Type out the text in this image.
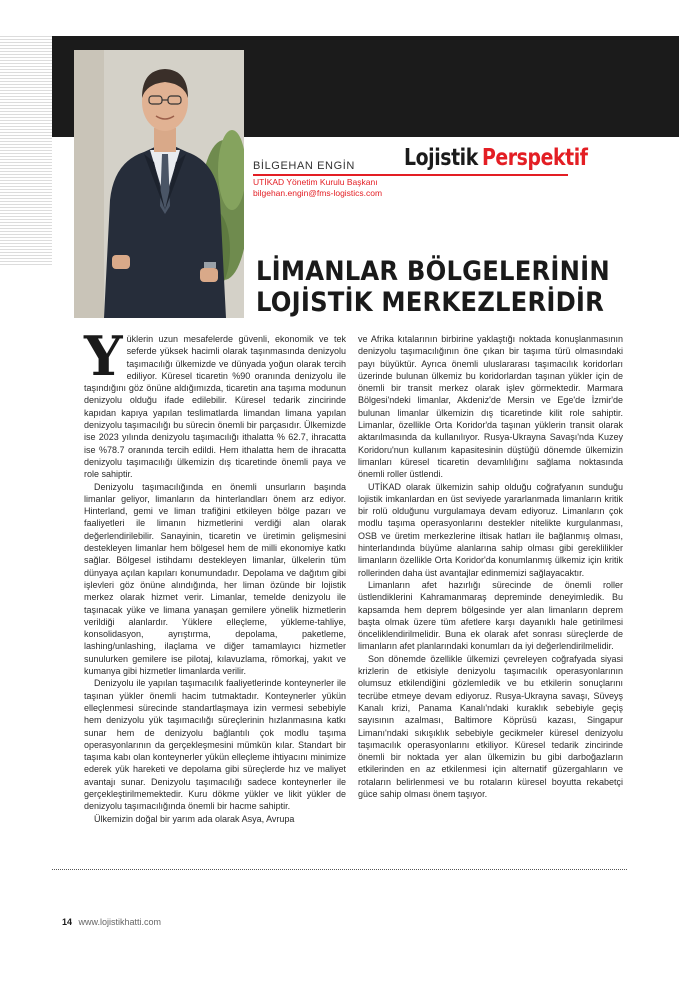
Lojistik Perspektif
BİLGEHAN ENGİN
UTİKAD Yönetim Kurulu Başkanı
bilgehan.engin@fms-logistics.com
LİMANLAR BÖLGELERİNİN
LOJİSTİK MERKEZLERİDİR

Yüklerin uzun mesafelerde güvenli, ekonomik ve tek seferde yüksek hacimli olarak taşınmasında denizyolu taşımacılığı ülkemizde ve dünyada yoğun olarak tercih ediliyor. Küresel ticaretin %90 oranında denizyolu ile taşındığını göz önüne aldığımızda, ticaretin ana taşıma modunun denizyolu olduğu ifade edilebilir. Küresel tedarik zincirinde kapıdan kapıya yapılan teslimatlarda limandan limana yapılan denizyolu taşımacılığı bu sürecin önemli bir parçasıdır. Ülkemizde ise 2023 yılında denizyolu taşımacılığı ithalatta % 62.7, ihracatta ise %78.7 oranında tercih edildi. Hem ithalatta hem de ihracatta denizyolu taşımacılığı ülkemizin dış ticaretinde önemli paya ve role sahiptir.

Denizyolu taşımacılığında en önemli unsurların başında limanlar geliyor, limanların da hinterlandları önem arz ediyor. Hinterland, gemi ve liman trafiğini etkileyen bölge pazarı ve faaliyetleri ile limanın hizmetlerini verdiği alan olarak değerlendirilebilir. Sanayinin, ticaretin ve üretimin gelişmesini destekleyen limanlar hem bölgesel hem de milli ekonomiye katkı sağlar. Bölgesel istihdamı destekleyen limanlar, ülkelerin tüm dünyaya açılan kapıları konumundadır. Depolama ve dağıtım gibi işlevleri göz önüne alındığında, her liman özünde bir lojistik merkez olarak hizmet verir. Limanlar, temelde denizyolu ile taşınacak yüke ve limana yanaşan gemilere yönelik hizmetlerin verildiği alanlardır. Yüklere elleçleme, yükleme-tahliye, konsolidasyon, ayrıştırma, depolama, paketleme, lashing/unlashing, ilaçlama ve diğer tamamlayıcı hizmetler sunulurken gemilere ise pilotaj, kılavuzlama, römorkaj, yakıt ve kumanya gibi hizmetler limanlarda verilir.

Denizyolu ile yapılan taşımacılık faaliyetlerinde konteynerler ile taşınan yükler önemli hacim tutmaktadır. Konteynerler yükün elleçlenmesi sürecinde standartlaşmaya izin vermesi sebebiyle hem denizyolu yük taşımacılığı süreçlerinin hızlanmasına katkı sunar hem de denizyolu bağlantılı çok modlu taşıma operasyonlarının da gerçekleşmesini mümkün kılar. Standart bir taşıma kabı olan konteynerler yükün elleçleme ihtiyacını minimize ederek yük hareketi ve depolama gibi süreçlerde hız ve maliyet avantajı sunar. Denizyolu taşımacılığı sadece konteynerler ile gerçekleştirilmemektedir. Kuru dökme yükler ve likit yükler de denizyolu taşımacılığında önemli bir hacme sahiptir.

Ülkemizin doğal bir yarım ada olarak Asya, Avrupa

ve Afrika kıtalarının birbirine yaklaştığı noktada konuşlanmasının denizyolu taşımacılığının öne çıkan bir taşıma türü olmasındaki payı büyüktür. Ayrıca önemli uluslararası taşımacılık koridorları üzerinde bulunan ülkemiz bu koridorlardan taşınan yükler için de önemli bir transit merkez olarak işlev görmektedir. Marmara Bölgesi'ndeki limanlar, Akdeniz'de Mersin ve Ege'de İzmir'de bulunan limanlar ülkemizin dış ticaretinde kilit role sahiptir. Limanlar, özellikle Orta Koridor'da taşınan yüklerin transit olarak aktarılmasında da kullanılıyor. Rusya-Ukrayna Savaşı'nda Kuzey Koridoru'nun kullanım kapasitesinin düştüğü dönemde ülkemizin limanları küresel ticaretin devamlılığını sağlama noktasında önemli roller üstlendi.

UTİKAD olarak ülkemizin sahip olduğu coğrafyanın sunduğu lojistik imkanlardan en üst seviyede yararlanmada limanların kritik bir rolü olduğunu vurgulamaya devam ediyoruz. Limanların çok modlu taşıma operasyonlarını destekler nitelikte kurgulanması, OSB ve üretim merkezlerine iltisak hatları ile bağlanmış olması, hinterlandında büyüme alanlarına sahip olması gibi gereklilikler limanların özellikle Orta Koridor'da konumlanmış ülkemiz için kritik rollerinden daha üst avantajlar edinmemizi sağlayacaktır.

Limanların afet hazırlığı sürecinde de önemli roller üstlendiklerini Kahramanmaraş depreminde deneyimledik. Bu kapsamda hem deprem bölgesinde yer alan limanların deprem başta olmak üzere tüm afetlere karşı dayanıklı hale getirilmesi önceliklendirilmelidir. Buna ek olarak afet sonrası süreçlerde de limanların afet planlarındaki konumları da iyi değerlendirilmelidir.

Son dönemde özellikle ülkemizi çevreleyen coğrafyada siyasi krizlerin de etkisiyle denizyolu taşımacılık operasyonlarının olumsuz etkilendiğini gözlemledik ve bu etkilerin sonuçlarını tecrübe etmeye devam ediyoruz. Rusya-Ukrayna savaşı, Süveyş Kanalı krizi, Panama Kanalı'ndaki kuraklık sebebiyle geçiş sayısının azalması, Baltimore Köprüsü kazası, Singapur Limanı'ndaki sıkışıklık sebebiyle gecikmeler küresel denizyolu taşımacılık operasyonlarını etkiliyor. Küresel tedarik zincirinde önemli bir noktada yer alan ülkemizin bu gibi darboğazların etkilerinden en az etkilenmesi için alternatif güzergahların ve rotaların belirlenmesi ve bu rotaların küresel boyutta rekabetçi güce sahip olması önem taşıyor.

14 www.lojistikhatti.com
